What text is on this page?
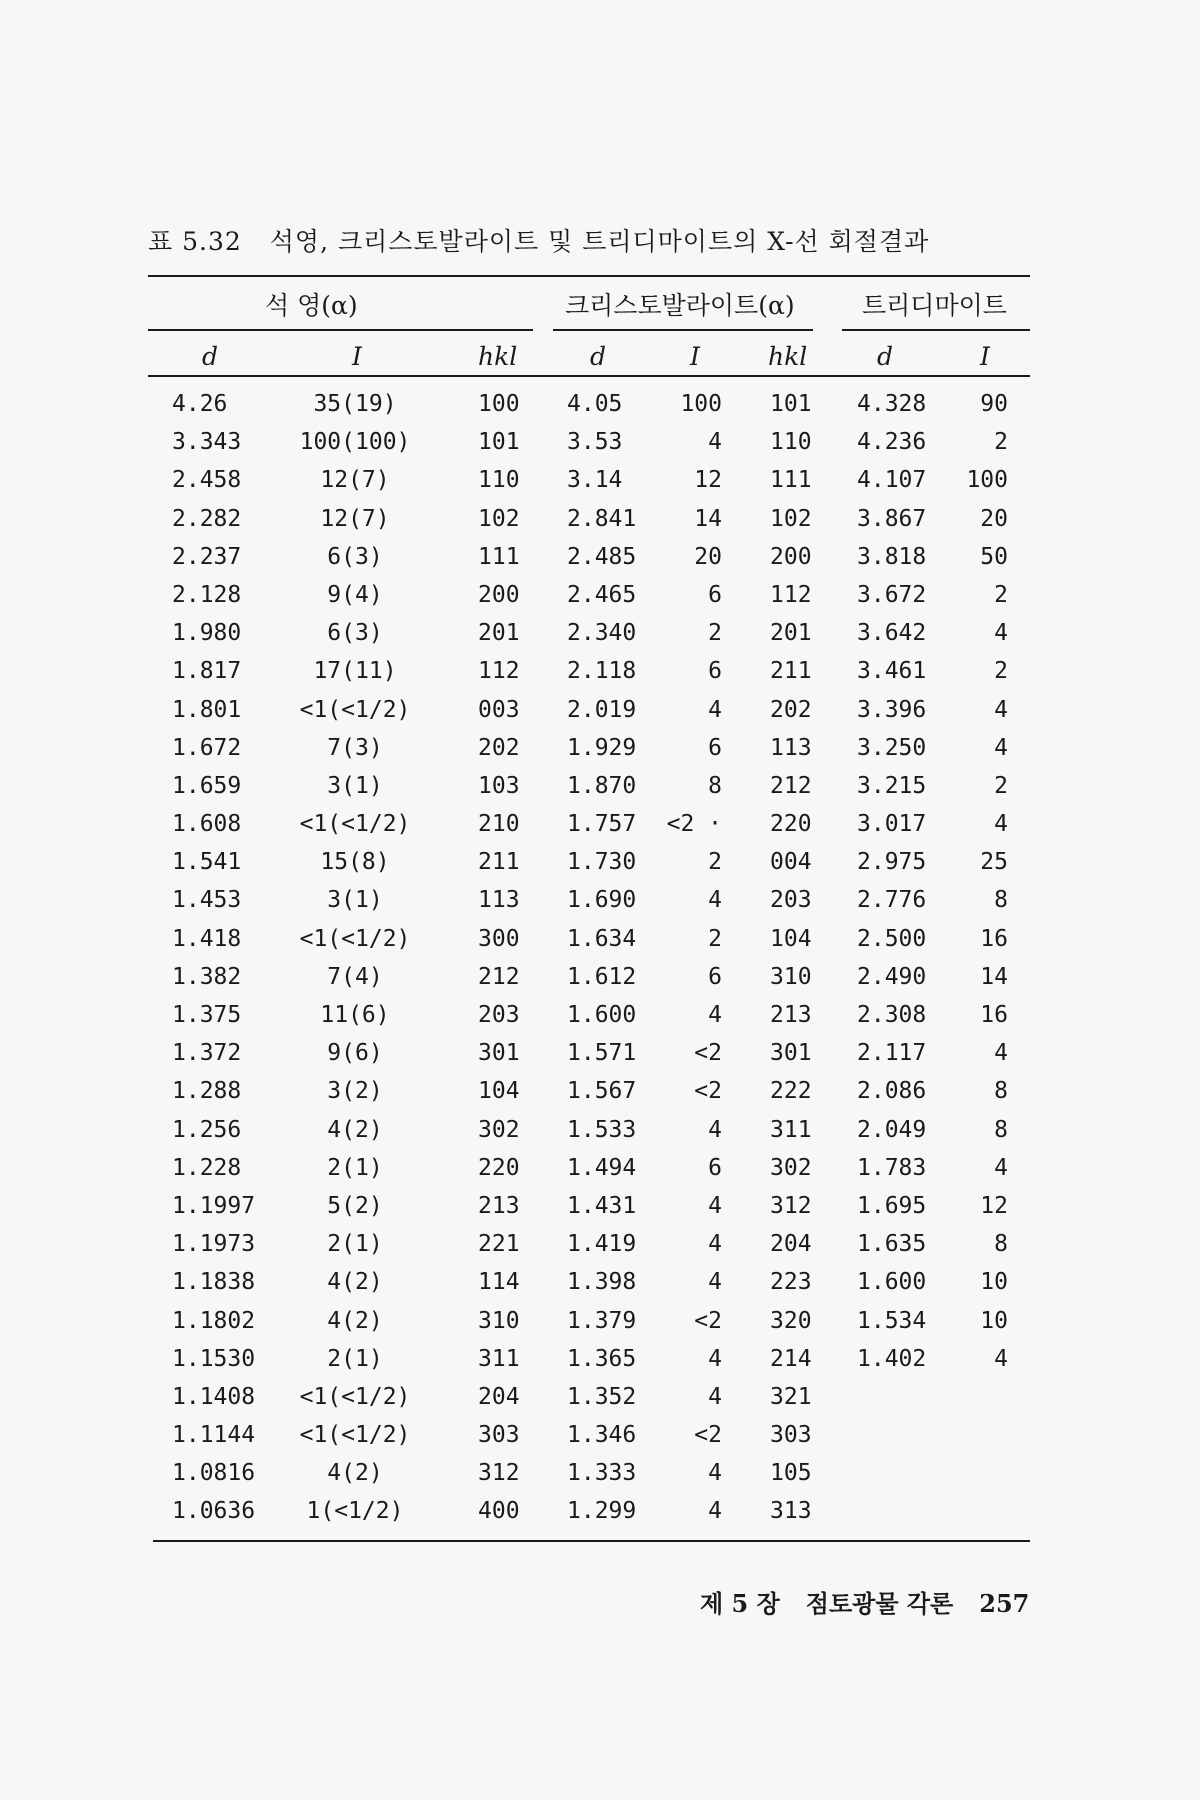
표 5.32 석영, 크리스토발라이트 및 트리디마이트의 X-선 회절결과
석 영(α)	크리스토발라이트(α)	트리디마이트
d	I	hkl	d	I	hkl	d	I
4.26	35(19)	100 4.05	100 101 4.328	90
3.343	100(100)	101 3.53	4 110 4.236	2
2.458	12(7)	110 3.14	12 111 4.107 100
2.282	12(7)	102 2.841	14 102 3.867	20
2.237	6(3)	111 2.485	20 200 3.818	50
2.128	9(4)	200 2.465	6 112 3.672	2
1.980	6(3)	201 2.340	2 201 3.642	4
1.817	17(11)	112 2.118	6 211 3.461	2
1.801	<1(<1/2)	003 2.019	4 202 3.396	4
1.672	7(3)	202 1.929	6 113 3.250	4
1.659	3(1)	103 1.870	8 212 3.215	2
1.608	<1(<1/2)	210 1.757	<2 · 220 3.017	4
1.541	15(8)	211 1.730	2 004 2.975	25
1.453	3(1)	113 1.690	4 203 2.776	8
1.418	<1(<1/2)	300 1.634	2 104 2.500	16
1.382	7(4)	212 1.612	6 310 2.490	14
1.375	11(6)	203 1.600	4 213 2.308	16
1.372	9(6)	301 1.571	<2 301 2.117	4
1.288	3(2)	104 1.567	<2 222 2.086	8
1.256	4(2)	302 1.533	4 311 2.049	8
1.228	2(1)	220 1.494	6 302 1.783	4
1.1997	5(2)	213 1.431	4 312 1.695	12
1.1973	2(1)	221 1.419	4 204 1.635	8
1.1838	4(2)	114 1.398	4 223 1.600	10
1.1802	4(2)	310 1.379	<2 320 1.534	10
1.1530	2(1)	311 1.365	4 214 1.402	4
1.1408	<1(<1/2)	204 1.352	4 321
1.1144	<1(<1/2)	303 1.346	<2 303
1.0816	4(2)	312 1.333	4 105
1.0636	1(<1/2)	400 1.299	4 313
제 5 장 점토광물 각론 257
